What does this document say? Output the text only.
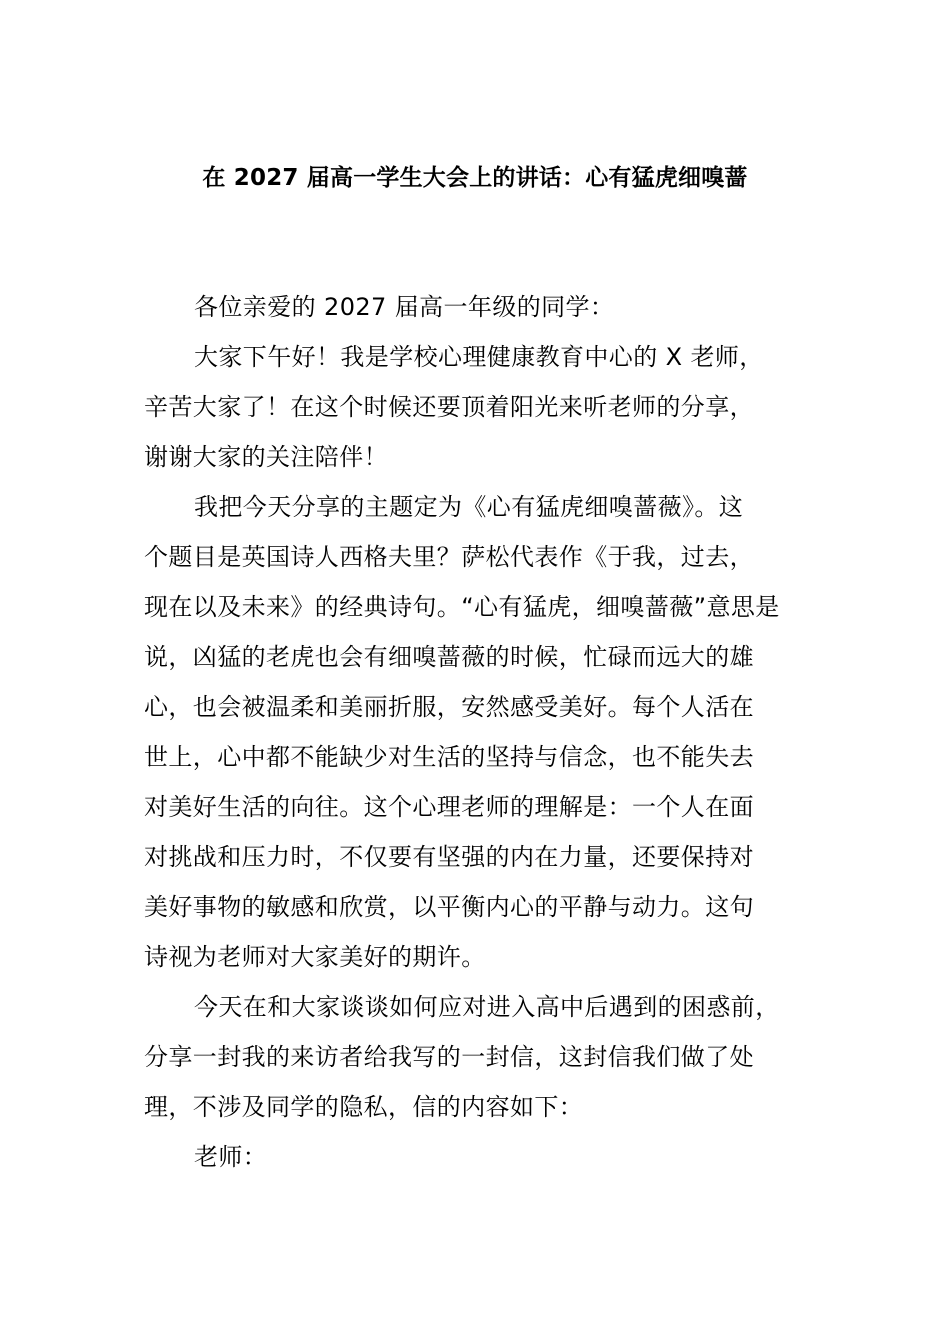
在 2027 届高一学生大会上的讲话：心有猛虎细嗅蔷
各位亲爱的 2027 届高一年级的同学：
大家下午好！我是学校心理健康教育中心的 X 老师，
辛苦大家了！在这个时候还要顶着阳光来听老师的分享，
谢谢大家的关注陪伴！
我把今天分享的主题定为《心有猛虎细嗅蔷薇》。这
个题目是英国诗人西格夫里？萨松代表作《于我，过去，
现在以及未来》的经典诗句。“心有猛虎，细嗅蔷薇”意思是
说，凶猛的老虎也会有细嗅蔷薇的时候，忙碌而远大的雄
心，也会被温柔和美丽折服，安然感受美好。每个人活在
世上，心中都不能缺少对生活的坚持与信念，也不能失去
对美好生活的向往。这个心理老师的理解是：一个人在面
对挑战和压力时，不仅要有坚强的内在力量，还要保持对
美好事物的敏感和欣赏，以平衡内心的平静与动力。这句
诗视为老师对大家美好的期许。
今天在和大家谈谈如何应对进入高中后遇到的困惑前，
分享一封我的来访者给我写的一封信，这封信我们做了处
理，不涉及同学的隐私，信的内容如下：
老师：
